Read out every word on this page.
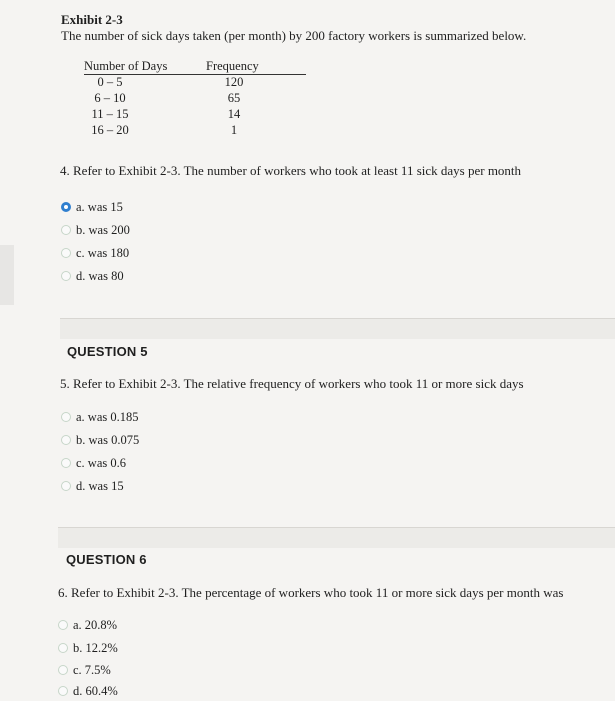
Exhibit 2-3
The number of sick days taken (per month) by 200 factory workers is summarized below.
Number of Days	Frequency
0 – 5	120
6 – 10	65
11 – 15	14
16 – 20	1
4. Refer to Exhibit 2-3. The number of workers who took at least 11 sick days per month
a. was 15
b. was 200
c. was 180
d. was 80
QUESTION 5
5. Refer to Exhibit 2-3. The relative frequency of workers who took 11 or more sick days
a. was 0.185
b. was 0.075
c. was 0.6
d. was 15
QUESTION 6
6. Refer to Exhibit 2-3. The percentage of workers who took 11 or more sick days per month was
a. 20.8%
b. 12.2%
c. 7.5%
d. 60.4%
